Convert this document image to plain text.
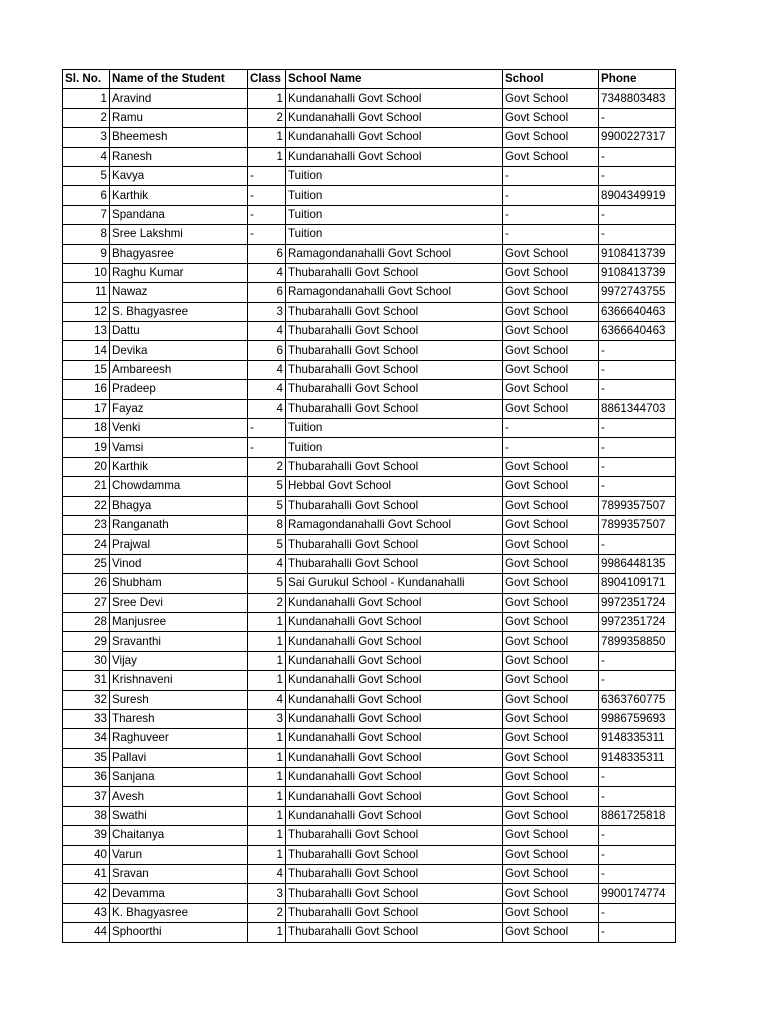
Sl. No.	Name of the Student	Class	School Name	School	Phone
1	Aravind	1	Kundanahalli Govt School	Govt School	7348803483
2	Ramu	2	Kundanahalli Govt School	Govt School	-
3	Bheemesh	1	Kundanahalli Govt School	Govt School	9900227317
4	Ranesh	1	Kundanahalli Govt School	Govt School	-
5	Kavya	-	Tuition	-	-
6	Karthik	-	Tuition	-	8904349919
7	Spandana	-	Tuition	-	-
8	Sree Lakshmi	-	Tuition	-	-
9	Bhagyasree	6	Ramagondanahalli Govt School	Govt School	9108413739
10	Raghu Kumar	4	Thubarahalli Govt School	Govt School	9108413739
11	Nawaz	6	Ramagondanahalli Govt School	Govt School	9972743755
12	S. Bhagyasree	3	Thubarahalli Govt School	Govt School	6366640463
13	Dattu	4	Thubarahalli Govt School	Govt School	6366640463
14	Devika	6	Thubarahalli Govt School	Govt School	-
15	Ambareesh	4	Thubarahalli Govt School	Govt School	-
16	Pradeep	4	Thubarahalli Govt School	Govt School	-
17	Fayaz	4	Thubarahalli Govt School	Govt School	8861344703
18	Venki	-	Tuition	-	-
19	Vamsi	-	Tuition	-	-
20	Karthik	2	Thubarahalli Govt School	Govt School	-
21	Chowdamma	5	Hebbal Govt School	Govt School	-
22	Bhagya	5	Thubarahalli Govt School	Govt School	7899357507
23	Ranganath	8	Ramagondanahalli Govt School	Govt School	7899357507
24	Prajwal	5	Thubarahalli Govt School	Govt School	-
25	Vinod	4	Thubarahalli Govt School	Govt School	9986448135
26	Shubham	5	Sai Gurukul School - Kundanahalli	Govt School	8904109171
27	Sree Devi	2	Kundanahalli Govt School	Govt School	9972351724
28	Manjusree	1	Kundanahalli Govt School	Govt School	9972351724
29	Sravanthi	1	Kundanahalli Govt School	Govt School	7899358850
30	Vijay	1	Kundanahalli Govt School	Govt School	-
31	Krishnaveni	1	Kundanahalli Govt School	Govt School	-
32	Suresh	4	Kundanahalli Govt School	Govt School	6363760775
33	Tharesh	3	Kundanahalli Govt School	Govt School	9986759693
34	Raghuveer	1	Kundanahalli Govt School	Govt School	9148335311
35	Pallavi	1	Kundanahalli Govt School	Govt School	9148335311
36	Sanjana	1	Kundanahalli Govt School	Govt School	-
37	Avesh	1	Kundanahalli Govt School	Govt School	-
38	Swathi	1	Kundanahalli Govt School	Govt School	8861725818
39	Chaitanya	1	Thubarahalli Govt School	Govt School	-
40	Varun	1	Thubarahalli Govt School	Govt School	-
41	Sravan	4	Thubarahalli Govt School	Govt School	-
42	Devamma	3	Thubarahalli Govt School	Govt School	9900174774
43	K. Bhagyasree	2	Thubarahalli Govt School	Govt School	-
44	Sphoorthi	1	Thubarahalli Govt School	Govt School	-
